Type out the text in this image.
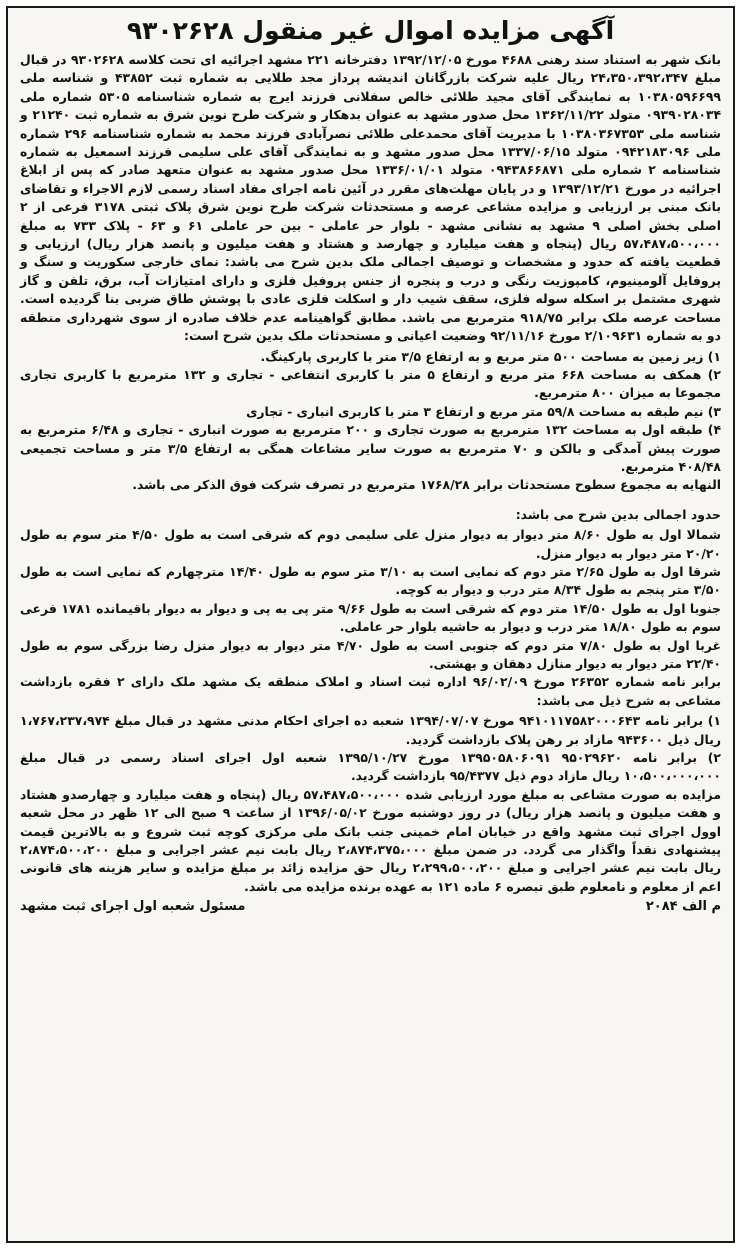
آگهی مزایده اموال غیر منقول ۹۳۰۲۶۲۸

بانک شهر به استناد سند رهنی ۴۶۸۸ مورخ ۱۳۹۲/۱۲/۰۵ دفترخانه ۲۲۱ مشهد اجرائیه ای تحت کلاسه ۹۳۰۲۶۲۸ در قبال مبلغ ۲۴،۳۵۰،۳۹۲،۳۴۷ ریال علیه شرکت بازرگانان اندیشه پرداز مجد طلایی به شماره ثبت ۴۳۸۵۲ و شناسه ملی ۱۰۳۸۰۵۹۶۶۹۹ به نمایندگی آقای مجید طلائی خالص سفلانی فرزند ایرج به شماره شناسنامه ۵۳۰۵ شماره ملی ۰۹۳۹۰۲۸۰۳۴ متولد ۱۳۶۲/۱۱/۲۲ محل صدور مشهد به عنوان بدهکار و شرکت طرح نوین شرق به شماره ثبت ۲۱۲۴۰ و شناسه ملی ۱۰۳۸۰۳۶۷۳۵۳ با مدیریت آقای محمدعلی طلائی نصرآبادی فرزند محمد به شماره شناسنامه ۲۹۶ شماره ملی ۰۹۴۲۱۸۳۰۹۶ متولد ۱۳۳۷/۰۶/۱۵ محل صدور مشهد و به نمایندگی آقای علی سلیمی فرزند اسمعیل به شماره شناسنامه ۲ شماره ملی ۰۹۴۳۸۶۶۸۷۱ متولد ۱۳۳۶/۰۱/۰۱ محل صدور مشهد به عنوان متعهد صادر که پس از ابلاغ اجرائیه در مورخ ۱۳۹۳/۱۲/۲۱ و در پایان مهلت‌های مقرر در آئین نامه اجرای مفاد اسناد رسمی لازم الاجراء و تقاضای بانک مبنی بر ارزیابی و مزایده مشاعی عرصه و مستحدثات شرکت طرح نوین شرق پلاک ثبتی ۳۱۷۸ فرعی از ۲ اصلی بخش اصلی ۹ مشهد به نشانی مشهد - بلوار حر عاملی - بین حر عاملی ۶۱ و ۶۳ - پلاک ۷۳۳ به مبلغ ۵۷،۴۸۷،۵۰۰،۰۰۰ ریال (پنجاه و هفت میلیارد و چهارصد و هشتاد و هفت میلیون و پانصد هزار ریال) ارزیابی و قطعیت یافته که حدود و مشخصات و توصیف اجمالی ملک بدین شرح می باشد: نمای خارجی سکوریت و سنگ و پروفایل آلومینیوم، کامپوزیت رنگی و درب و پنجره از جنس پروفیل فلزی و دارای امتیازات آب، برق، تلفن و گاز شهری مشتمل بر اسکله سوله فلزی، سقف شیب دار و اسکلت فلزی عادی با پوشش طاق ضربی بنا گردیده است. مساحت عرصه ملک برابر ۹۱۸/۷۵ مترمربع می باشد. مطابق گواهینامه عدم خلاف صادره از سوی شهرداری منطقه دو به شماره ۲/۱۰۹۶۳۱ مورخ ۹۲/۱۱/۱۶ وضعیت اعیانی و مستحدثات ملک بدین شرح است:

۱) زیر زمین به مساحت ۵۰۰ متر مربع و به ارتفاع ۳/۵ متر با کاربری پارکینگ.

۲) همکف به مساحت ۶۶۸ متر مربع و ارتفاع ۵ متر با کاربری انتفاعی - تجاری و ۱۳۲ مترمربع با کاربری تجاری مجموعا به میزان ۸۰۰ مترمربع.

۳) نیم طبقه به مساحت ۵۹/۸ متر مربع و ارتفاع ۳ متر با کاربری انباری - تجاری

۴) طبقه اول به مساحت ۱۳۲ مترمربع به صورت تجاری و ۲۰۰ مترمربع به صورت انباری - تجاری و ۶/۴۸ مترمربع به صورت پیش آمدگی و بالکن و ۷۰ مترمربع به صورت سایر مشاعات همگی به ارتفاع ۳/۵ متر و مساحت تجمیعی ۴۰۸/۴۸ مترمربع.

النهایه به مجموع سطوح مستحدثات برابر ۱۷۶۸/۲۸ مترمربع در تصرف شرکت فوق الذکر می باشد.

حدود اجمالی بدین شرح می باشد:

شمالا اول به طول ۸/۶۰ متر دیوار به دیوار منزل علی سلیمی دوم که شرقی است به طول ۴/۵۰ متر سوم به طول ۲۰/۲۰ متر دیوار به دیوار منزل.

شرقا اول به طول ۲/۶۵ متر دوم که نمایی است به ۳/۱۰ متر سوم به طول ۱۴/۴۰ مترچهارم که نمایی است به طول ۳/۵۰ متر پنجم به طول ۸/۳۴ متر درب و دیوار به کوچه.

جنوبا اول به طول ۱۴/۵۰ متر دوم که شرقی است به طول ۹/۶۶ متر پی به پی و دیوار به دیوار باقیمانده ۱۷۸۱ فرعی سوم به طول ۱۸/۸۰ متر درب و دیوار به حاشیه بلوار حر عاملی.

غربا اول به طول ۷/۸۰ متر دوم که جنوبی است به طول ۴/۷۰ متر دیوار به دیوار منزل رضا بزرگی سوم به طول ۲۲/۴۰ متر دیوار به دیوار منازل دهقان و بهشتی.

برابر نامه شماره ۲۶۳۵۲ مورخ ۹۶/۰۲/۰۹ اداره ثبت اسناد و املاک منطقه یک مشهد ملک دارای ۲ فقره بازداشت مشاعی به شرح ذیل می باشد:

۱) برابر نامه ۹۴۱۰۱۱۷۵۸۲۰۰۰۶۴۳ مورخ ۱۳۹۴/۰۷/۰۷ شعبه ده اجرای احکام مدنی مشهد در قبال مبلغ ۱،۷۶۷،۲۳۷،۹۷۴ ریال ذیل ۹۴۳۶۰۰ مازاد بر رهن پلاک بازداشت گردید.

۲) برابر نامه ۹۵۰۲۹۶۲۰ ۱۳۹۵۰۵۸۰۶۰۹۱ مورخ ۱۳۹۵/۱۰/۲۷ شعبه اول اجرای اسناد رسمی در قبال مبلغ ۱۰،۵۰۰،۰۰۰،۰۰۰ ریال مازاد دوم ذیل ۹۵/۴۳۷۷ بازداشت گردید.

مزایده به صورت مشاعی به مبلغ مورد ارزیابی شده ۵۷،۴۸۷،۵۰۰،۰۰۰ ریال (پنجاه و هفت میلیارد و چهارصدو هشتاد و هفت میلیون و پانصد هزار ریال) در روز دوشنبه مورخ ۱۳۹۶/۰۵/۰۲ از ساعت ۹ صبح الی ۱۲ ظهر در محل شعبه اوول اجرای ثبت مشهد واقع در خیابان امام خمینی جنب بانک ملی مرکزی کوچه ثبت شروع و به بالاترین قیمت پیشنهادی نقداً واگذار می گردد. در ضمن مبلغ ۲،۸۷۴،۳۷۵،۰۰۰ ریال بابت نیم عشر اجرایی و مبلغ ۲،۸۷۴،۵۰۰،۲۰۰ ریال بابت نیم عشر اجرایی و مبلغ ۲،۲۹۹،۵۰۰،۲۰۰ ریال حق مزایده زائد بر مبلغ مزایده و سایر هزینه های قانونی اعم از معلوم و نامعلوم طبق تبصره ۶ ماده ۱۲۱ به عهده برنده مزایده می باشد.

م الف ۲۰۸۴
مسئول شعبه اول اجرای ثبت مشهد
